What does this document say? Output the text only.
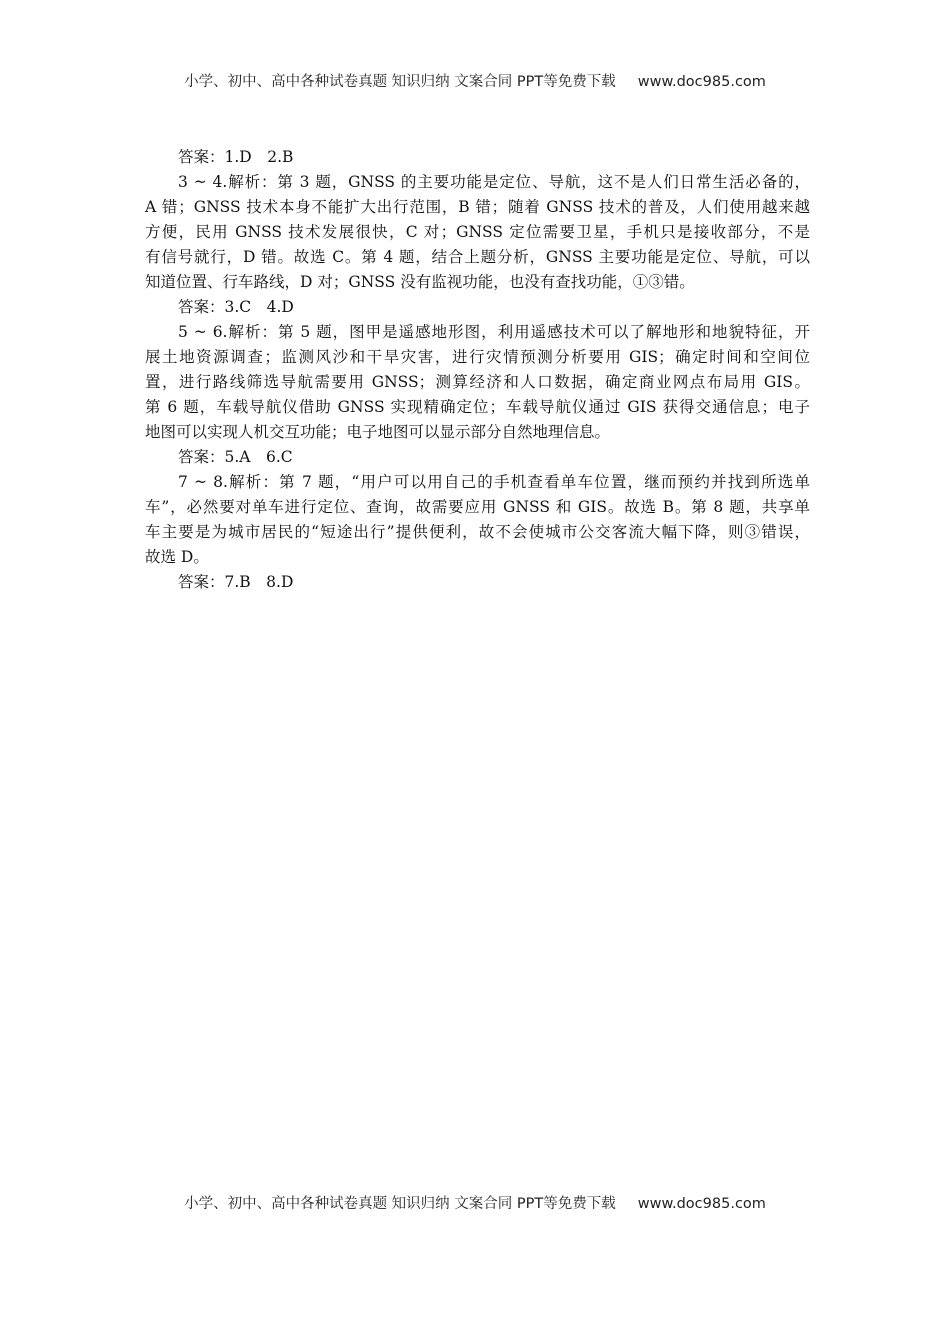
小学、初中、高中各种试卷真题 知识归纳 文案合同 PPT等免费下载 www.doc985.com
答案：1.D　2.B
3 ~ 4.解析：第 3 题，GNSS 的主要功能是定位、导航，这不是人们日常生活必备的，
A 错；GNSS 技术本身不能扩大出行范围，B 错；随着 GNSS 技术的普及，人们使用越来越
方便，民用 GNSS 技术发展很快，C 对；GNSS 定位需要卫星，手机只是接收部分，不是
有信号就行，D 错。故选 C。第 4 题，结合上题分析，GNSS 主要功能是定位、导航，可以
知道位置、行车路线，D 对；GNSS 没有监视功能，也没有查找功能，①③错。
答案：3.C　4.D
5 ~ 6.解析：第 5 题，图甲是遥感地形图，利用遥感技术可以了解地形和地貌特征，开
展土地资源调查；监测风沙和干旱灾害，进行灾情预测分析要用 GIS；确定时间和空间位
置，进行路线筛选导航需要用 GNSS；测算经济和人口数据，确定商业网点布局用 GIS。
第 6 题，车载导航仪借助 GNSS 实现精确定位；车载导航仪通过 GIS 获得交通信息；电子
地图可以实现人机交互功能；电子地图可以显示部分自然地理信息。
答案：5.A　6.C
7 ~ 8.解析：第 7 题，“用户可以用自己的手机查看单车位置，继而预约并找到所选单
车”，必然要对单车进行定位、查询，故需要应用 GNSS 和 GIS。故选 B。第 8 题，共享单
车主要是为城市居民的“短途出行”提供便利，故不会使城市公交客流大幅下降，则③错误，
故选 D。
答案：7.B　8.D
小学、初中、高中各种试卷真题 知识归纳 文案合同 PPT等免费下载 www.doc985.com
